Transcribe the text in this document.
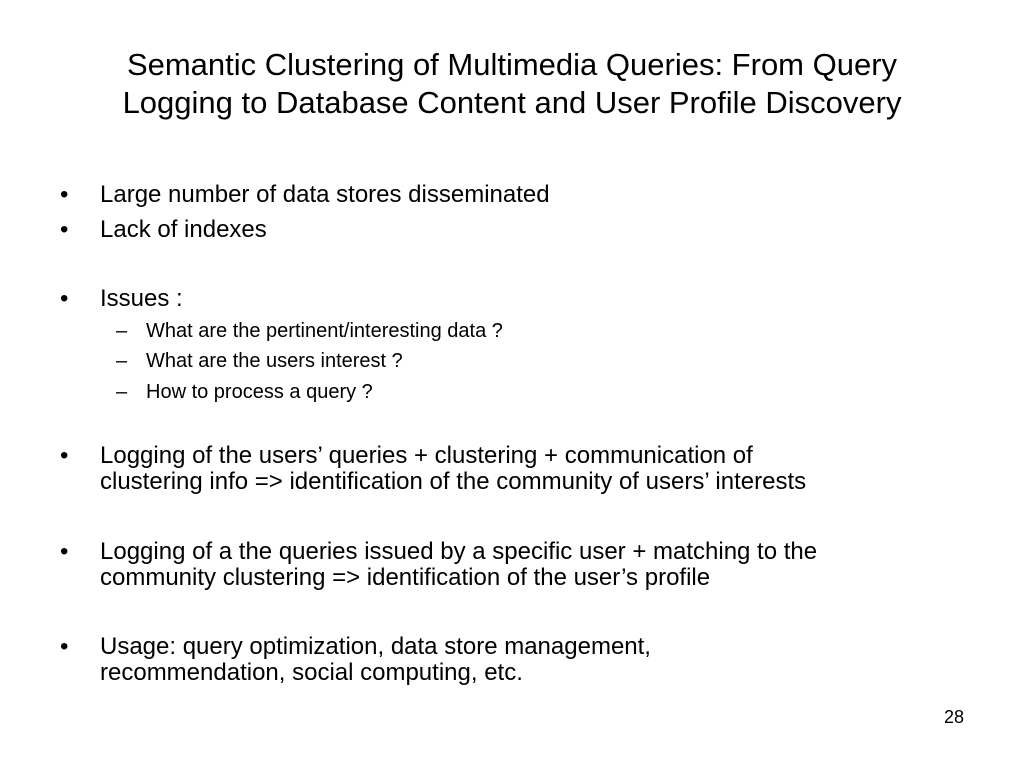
Semantic Clustering of Multimedia Queries: From Query
Logging to Database Content and User Profile Discovery
•	Large number of data stores disseminated
•	Lack of indexes
•	Issues :
– What are the pertinent/interesting data ?
– What are the users interest ?
– How to process a query ?
•	Logging of the users’ queries + clustering + communication of
clustering info => identification of the community of users’ interests
•	Logging of a the queries issued by a specific user + matching to the
community clustering => identification of the user’s profile
•	Usage: query optimization, data store management,
recommendation, social computing, etc.
28
